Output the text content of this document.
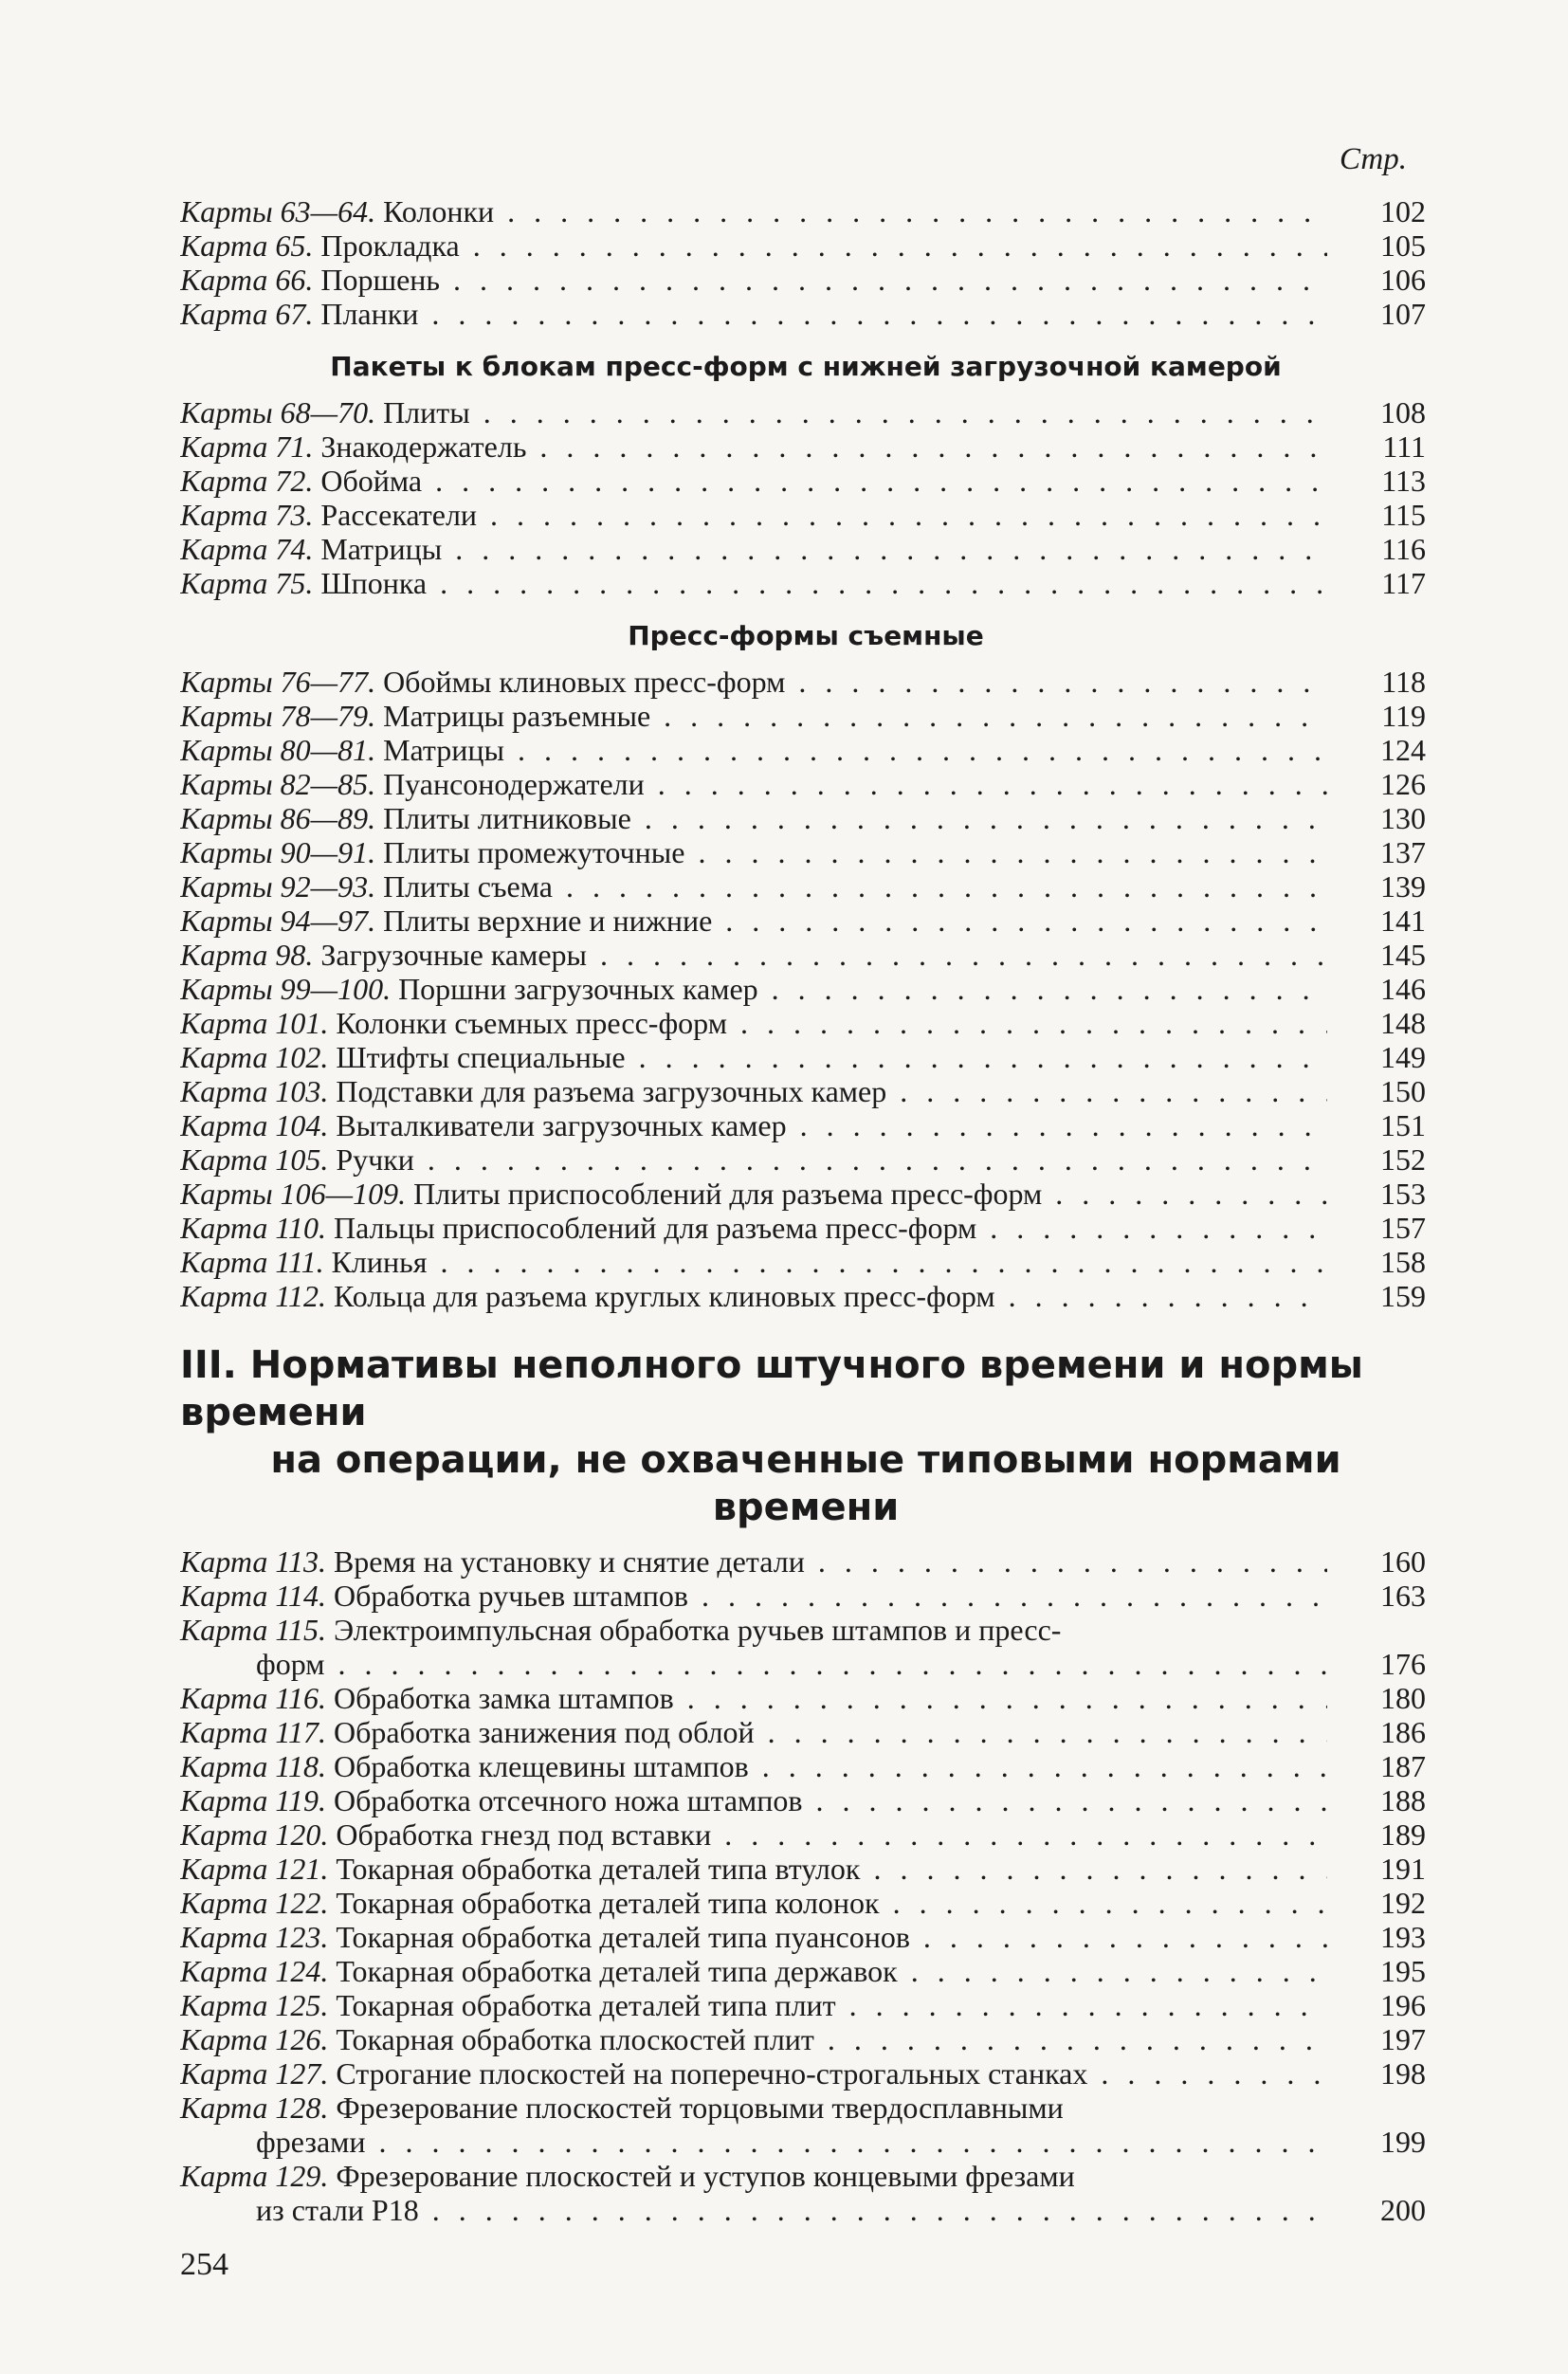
Стр.
Карты 63—64. Колонки . . .	102
Карта 65. Прокладка . . .	105
Карта 66. Поршень . . .	106
Карта 67. Планки . . .	107
Пакеты к блокам пресс-форм с нижней загрузочной камерой
Карты 68—70. Плиты . . .	108
Карта 71. Знакодержатель . . .	111
Карта 72. Обойма . . .	113
Карта 73. Рассекатели . . .	115
Карта 74. Матрицы . . .	116
Карта 75. Шпонка . . .	117
Пресс-формы съемные
Карты 76—77. Обоймы клиновых пресс-форм . . .	118
Карты 78—79. Матрицы разъемные . . .	119
Карты 80—81. Матрицы . . .	124
Карты 82—85. Пуансонодержатели . . .	126
Карты 86—89. Плиты литниковые . . .	130
Карты 90—91. Плиты промежуточные . . .	137
Карты 92—93. Плиты съема . . .	139
Карты 94—97. Плиты верхние и нижние . . .	141
Карта 98. Загрузочные камеры . . .	145
Карты 99—100. Поршни загрузочных камер . . .	146
Карта 101. Колонки съемных пресс-форм . . .	148
Карта 102. Штифты специальные . . .	149
Карта 103. Подставки для разъема загрузочных камер . . .	150
Карта 104. Выталкиватели загрузочных камер . . .	151
Карта 105. Ручки . . .	152
Карты 106—109. Плиты приспособлений для разъема пресс-форм . . .	153
Карта 110. Пальцы приспособлений для разъема пресс-форм . . .	157
Карта 111. Клинья . . .	158
Карта 112. Кольца для разъема круглых клиновых пресс-форм . . .	159
III. Нормативы неполного штучного времени и нормы времени
на операции, не охваченные типовыми нормами времени
Карта 113. Время на установку и снятие детали . . .	160
Карта 114. Обработка ручьев штампов . . .	163
Карта 115. Электроимпульсная обработка ручьев штампов и пресс-
форм . . .	176
Карта 116. Обработка замка штампов . . .	180
Карта 117. Обработка занижения под облой . . .	186
Карта 118. Обработка клещевины штампов . . .	187
Карта 119. Обработка отсечного ножа штампов . . .	188
Карта 120. Обработка гнезд под вставки . . .	189
Карта 121. Токарная обработка деталей типа втулок . . .	191
Карта 122. Токарная обработка деталей типа колонок . . .	192
Карта 123. Токарная обработка деталей типа пуансонов . . .	193
Карта 124. Токарная обработка деталей типа державок . . .	195
Карта 125. Токарная обработка деталей типа плит . . .	196
Карта 126. Токарная обработка плоскостей плит . . .	197
Карта 127. Строгание плоскостей на поперечно-строгальных станках . . .	198
Карта 128. Фрезерование плоскостей торцовыми твердосплавными
фрезами . . .	199
Карта 129. Фрезерование плоскостей и уступов концевыми фрезами
из стали Р18 . . .	200
254
